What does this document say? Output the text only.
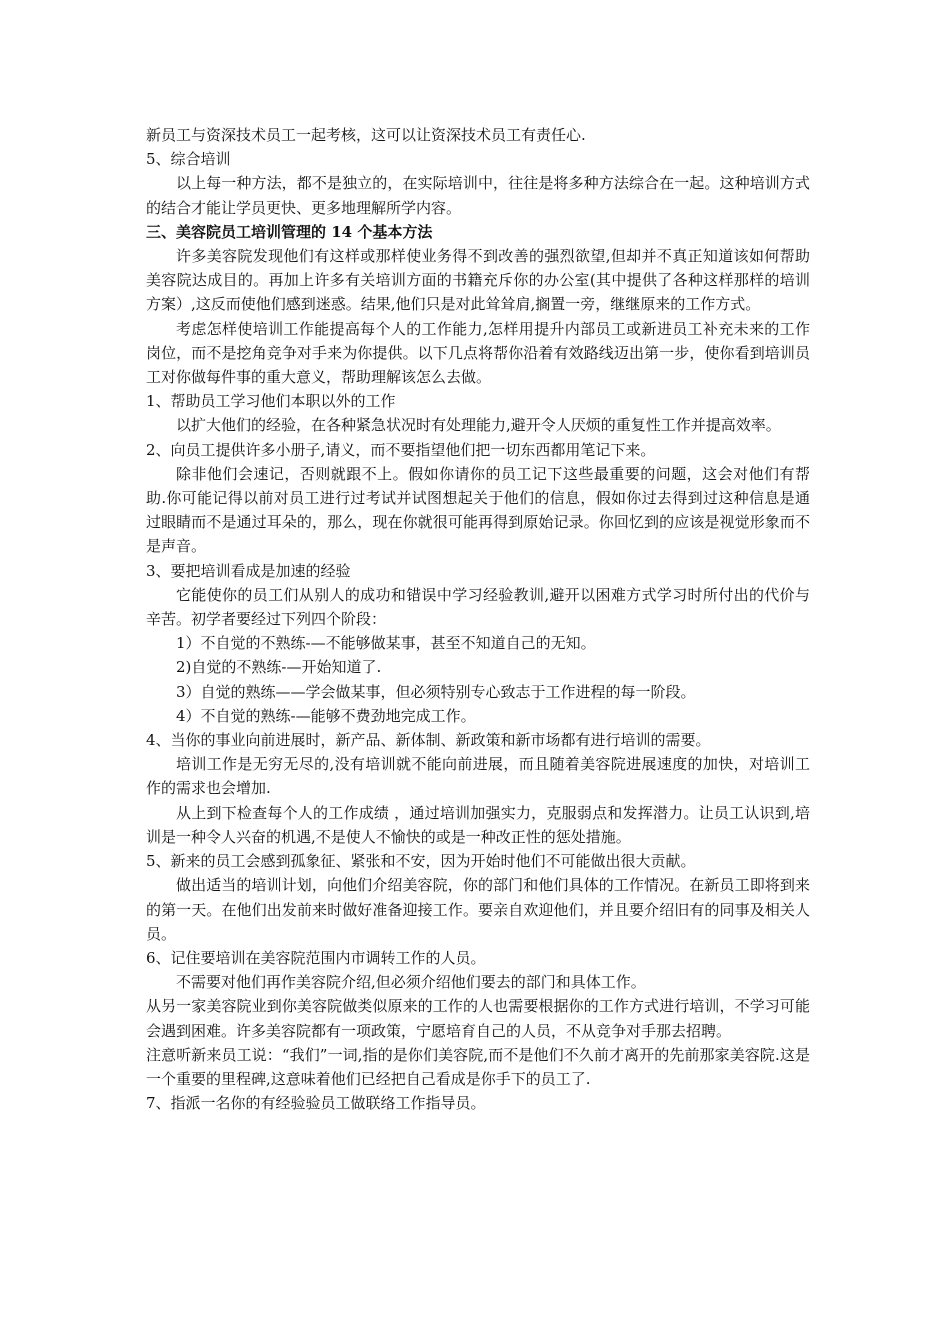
新员工与资深技术员工一起考核，这可以让资深技术员工有责任心.

5、综合培训

以上每一种方法，都不是独立的，在实际培训中，往往是将多种方法综合在一起。这种培训方式的结合才能让学员更快、更多地理解所学内容。

三、美容院员工培训管理的 14 个基本方法

许多美容院发现他们有这样或那样使业务得不到改善的强烈欲望,但却并不真正知道该如何帮助美容院达成目的。再加上许多有关培训方面的书籍充斥你的办公室(其中提供了各种这样那样的培训方案）,这反而使他们感到迷惑。结果,他们只是对此耸耸肩,搁置一旁，继继原来的工作方式。

考虑怎样使培训工作能提高每个人的工作能力,怎样用提升内部员工或新进员工补充未来的工作岗位，而不是挖角竞争对手来为你提供。以下几点将帮你沿着有效路线迈出第一步，使你看到培训员工对你做每件事的重大意义，帮助理解该怎么去做。

1、帮助员工学习他们本职以外的工作

以扩大他们的经验，在各种紧急状况时有处理能力,避开令人厌烦的重复性工作并提高效率。

2、向员工提供许多小册子,请义，而不要指望他们把一切东西都用笔记下来。

除非他们会速记，否则就跟不上。假如你请你的员工记下这些最重要的问题，这会对他们有帮助.你可能记得以前对员工进行过考试并试图想起关于他们的信息，假如你过去得到过这种信息是通过眼睛而不是通过耳朵的，那么，现在你就很可能再得到原始记录。你回忆到的应该是视觉形象而不是声音。

3、要把培训看成是加速的经验

它能使你的员工们从别人的成功和错误中学习经验教训,避开以困难方式学习时所付出的代价与辛苦。初学者要经过下列四个阶段：

1）不自觉的不熟练-—不能够做某事，甚至不知道自己的无知。

2)自觉的不熟练-—开始知道了.

3）自觉的熟练——学会做某事，但必须特别专心致志于工作进程的每一阶段。

4）不自觉的熟练-—能够不费劲地完成工作。

4、当你的事业向前进展时，新产品、新体制、新政策和新市场都有进行培训的需要。

培训工作是无穷无尽的,没有培训就不能向前进展，而且随着美容院进展速度的加快，对培训工作的需求也会增加.

从上到下检查每个人的工作成绩 ，通过培训加强实力，克服弱点和发挥潜力。让员工认识到,培训是一种令人兴奋的机遇,不是使人不愉快的或是一种改正性的惩处措施。

5、新来的员工会感到孤象征、紧张和不安，因为开始时他们不可能做出很大贡献。

做出适当的培训计划，向他们介绍美容院，你的部门和他们具体的工作情况。在新员工即将到来的第一天。在他们出发前来时做好准备迎接工作。要亲自欢迎他们，并且要介绍旧有的同事及相关人员。

6、记住要培训在美容院范围内市调转工作的人员。

不需要对他们再作美容院介绍,但必须介绍他们要去的部门和具体工作。

从另一家美容院业到你美容院做类似原来的工作的人也需要根据你的工作方式进行培训，不学习可能会遇到困难。许多美容院都有一项政策，宁愿培育自己的人员，不从竞争对手那去招聘。

注意听新来员工说：“我们”一词,指的是你们美容院,而不是他们不久前才离开的先前那家美容院.这是一个重要的里程碑,这意味着他们已经把自己看成是你手下的员工了.

7、指派一名你的有经验验员工做联络工作指导员。
